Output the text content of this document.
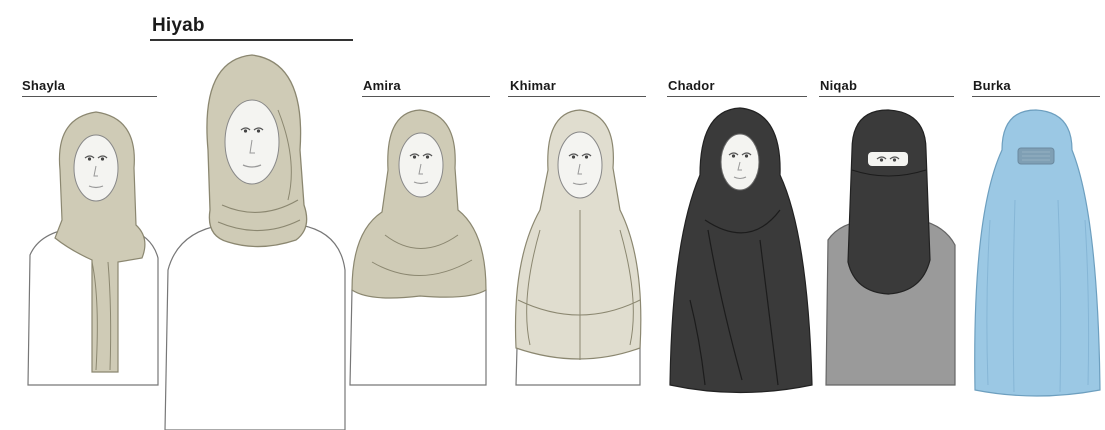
Shayla
Hiyab
Amira	Khimar	Chador	Niqab	Burka
